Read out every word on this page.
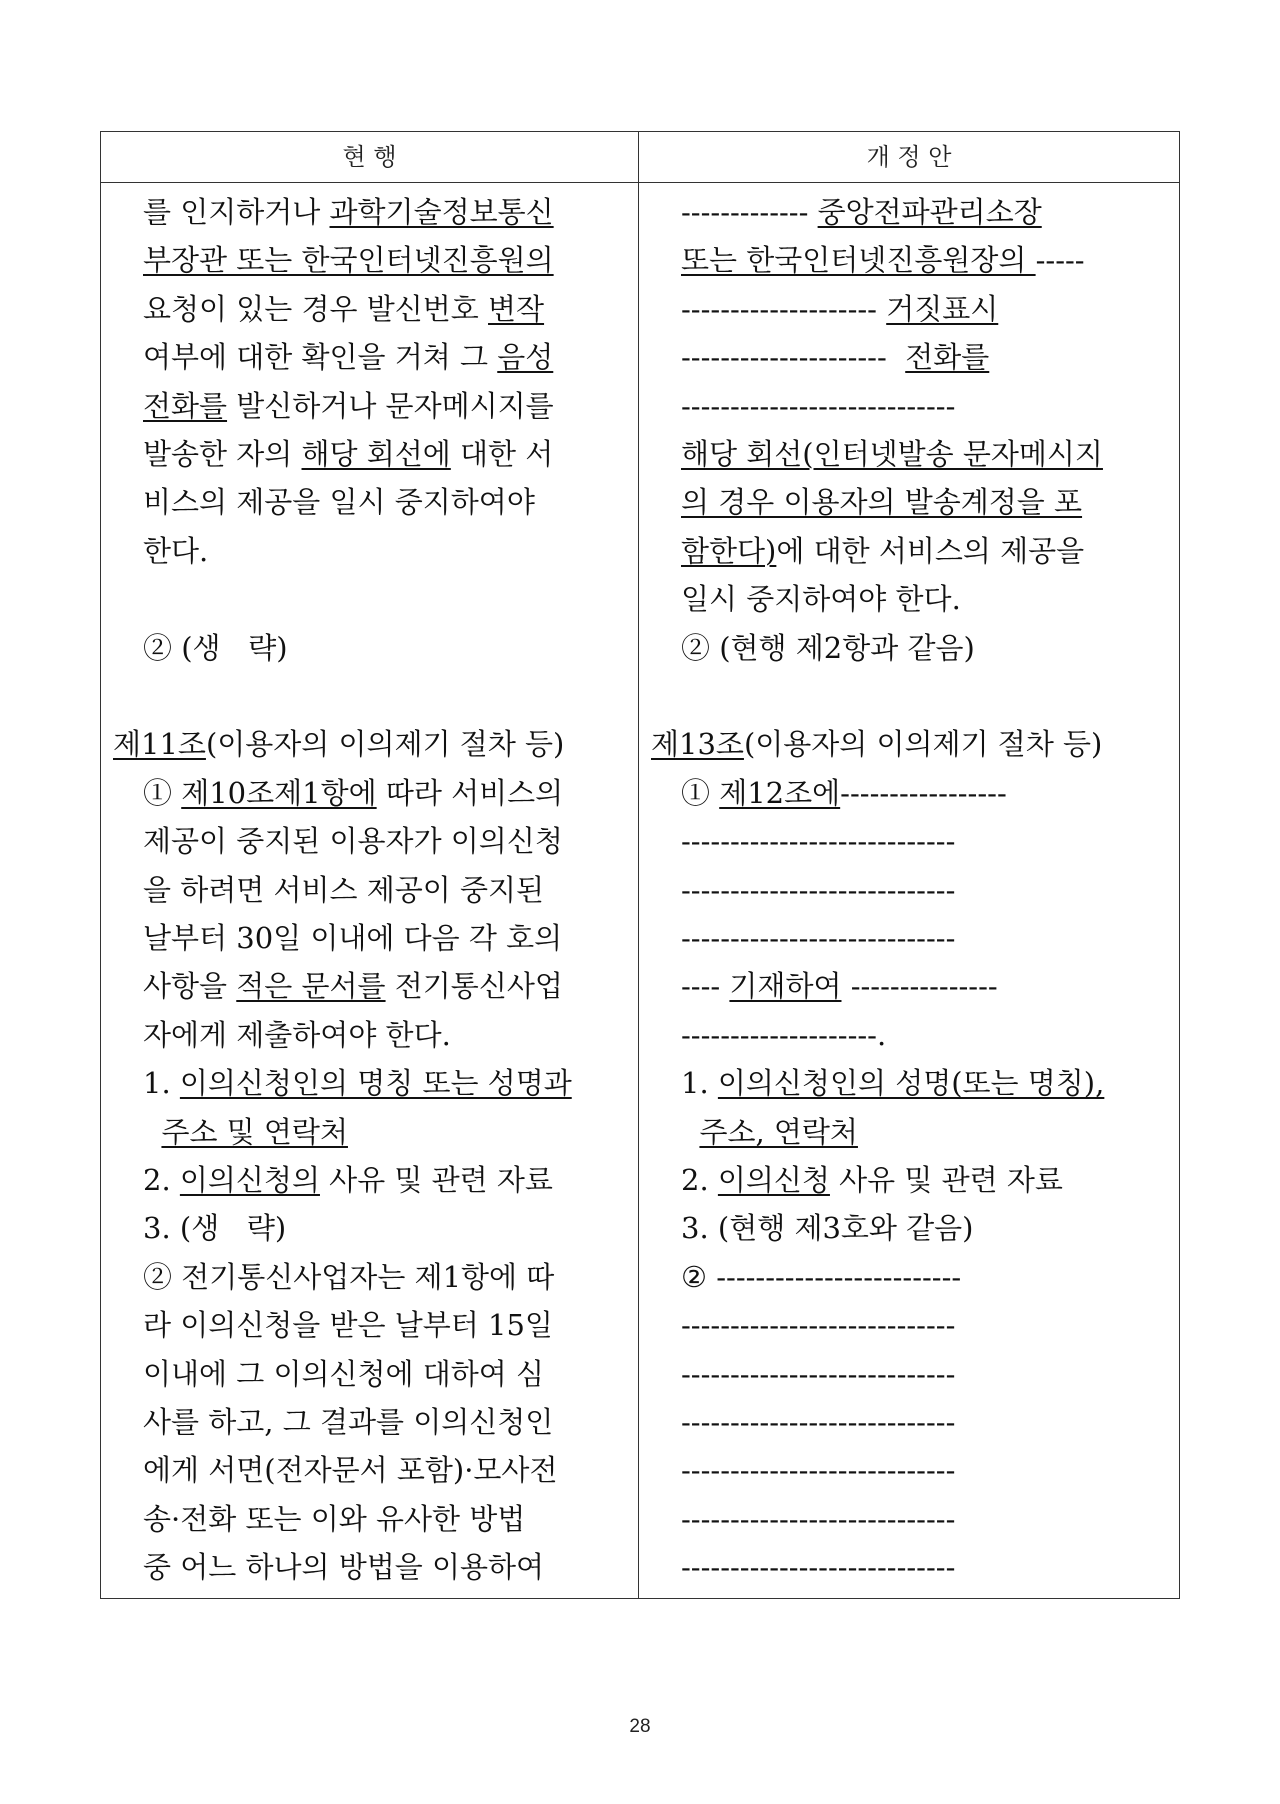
현 행	개 정 안
를 인지하거나 과학기술정보통신
부장관 또는 한국인터넷진흥원의
요청이 있는 경우 발신번호 변작
여부에 대한 확인을 거쳐 그 음성
전화를 발신하거나 문자메시지를
발송한 자의 해당 회선에 대한 서
비스의 제공을 일시 중지하여야
한다.
② (생   략)
제11조(이용자의 이의제기 절차 등)
① 제10조제1항에 따라 서비스의
제공이 중지된 이용자가 이의신청
을 하려면 서비스 제공이 중지된
날부터 30일 이내에 다음 각 호의
사항을 적은 문서를 전기통신사업
자에게 제출하여야 한다.
1. 이의신청인의 명칭 또는 성명과
주소 및 연락처
2. 이의신청의 사유 및 관련 자료
3. (생   략)
② 전기통신사업자는 제1항에 따
라 이의신청을 받은 날부터 15일
이내에 그 이의신청에 대하여 심
사를 하고, 그 결과를 이의신청인
에게 서면(전자문서 포함)·모사전
송·전화 또는 이와 유사한 방법
중 어느 하나의 방법을 이용하여
------------- 중앙전파관리소장
또는 한국인터넷진흥원장의 -----
-------------------- 거짓표시
---------------------  전화를
----------------------------
해당 회선(인터넷발송 문자메시지
의 경우 이용자의 발송계정을 포
함한다)에 대한 서비스의 제공을
일시 중지하여야 한다.
② (현행 제2항과 같음)
제13조(이용자의 이의제기 절차 등)
① 제12조에-----------------
----------------------------
----------------------------
----------------------------
---- 기재하여 ---------------
--------------------.
1. 이의신청인의 성명(또는 명칭),
주소, 연락처
2. 이의신청 사유 및 관련 자료
3. (현행 제3호와 같음)
② -------------------------
----------------------------
----------------------------
----------------------------
----------------------------
----------------------------
----------------------------
28
